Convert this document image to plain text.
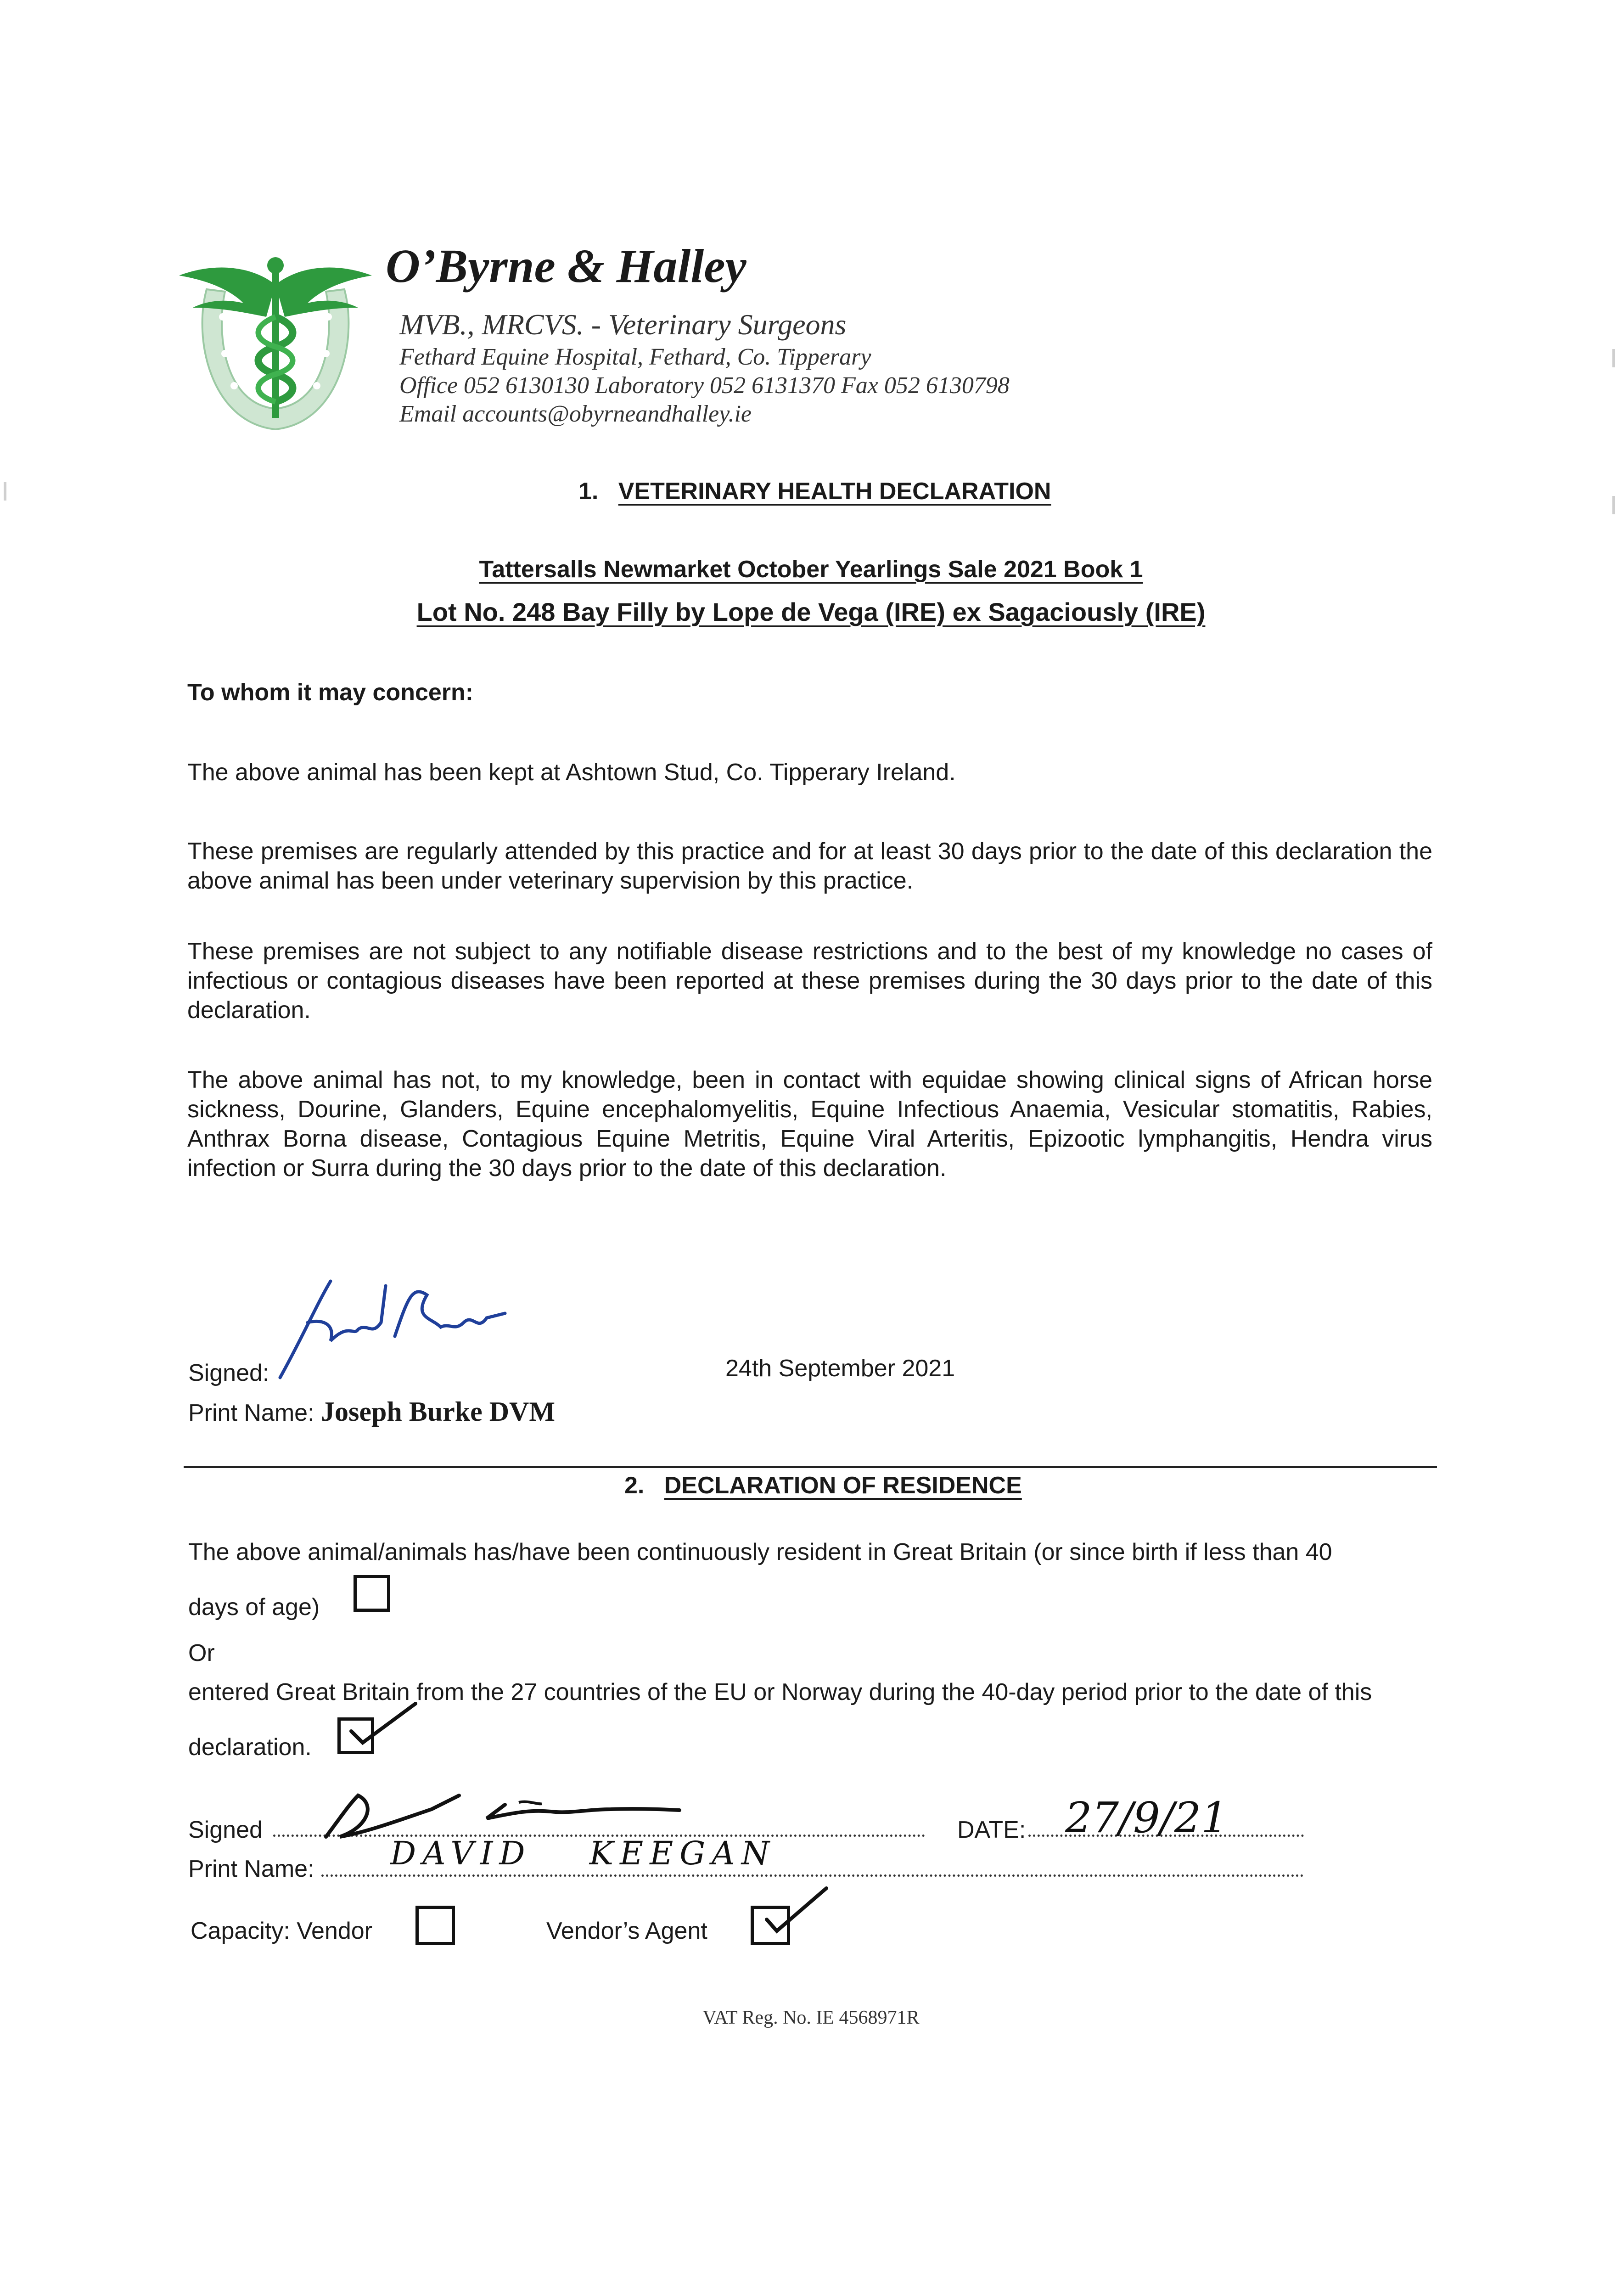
O’Byrne & Halley
MVB., MRCVS. - Veterinary Surgeons
Fethard Equine Hospital, Fethard, Co. Tipperary
Office 052 6130130 Laboratory 052 6131370 Fax 052 6130798
Email accounts@obyrneandhalley.ie
1. VETERINARY HEALTH DECLARATION
Tattersalls Newmarket October Yearlings Sale 2021 Book 1
Lot No. 248 Bay Filly by Lope de Vega (IRE) ex Sagaciously (IRE)
To whom it may concern:
The above animal has been kept at Ashtown Stud, Co. Tipperary Ireland.
These premises are regularly attended by this practice and for at least 30 days prior to the date of this declaration the above animal has been under veterinary supervision by this practice.
These premises are not subject to any notifiable disease restrictions and to the best of my knowledge no cases of infectious or contagious diseases have been reported at these premises during the 30 days prior to the date of this declaration.
The above animal has not, to my knowledge, been in contact with equidae showing clinical signs of African horse sickness, Dourine, Glanders, Equine encephalomyelitis, Equine Infectious Anaemia, Vesicular stomatitis, Rabies, Anthrax Borna disease, Contagious Equine Metritis, Equine Viral Arteritis, Epizootic lymphangitis, Hendra virus infection or Surra during the 30 days prior to the date of this declaration.
Signed:	24th September 2021
Print Name: Joseph Burke DVM
2. DECLARATION OF RESIDENCE
The above animal/animals has/have been continuously resident in Great Britain (or since birth if less than 40
days of age)
Or
entered Great Britain from the 27 countries of the EU or Norway during the 40-day period prior to the date of this
declaration.
Signed	DATE: 27/9/21
Print Name: DAVID KEEGAN
Capacity: Vendor	Vendor’s Agent
VAT Reg. No. IE 4568971R
